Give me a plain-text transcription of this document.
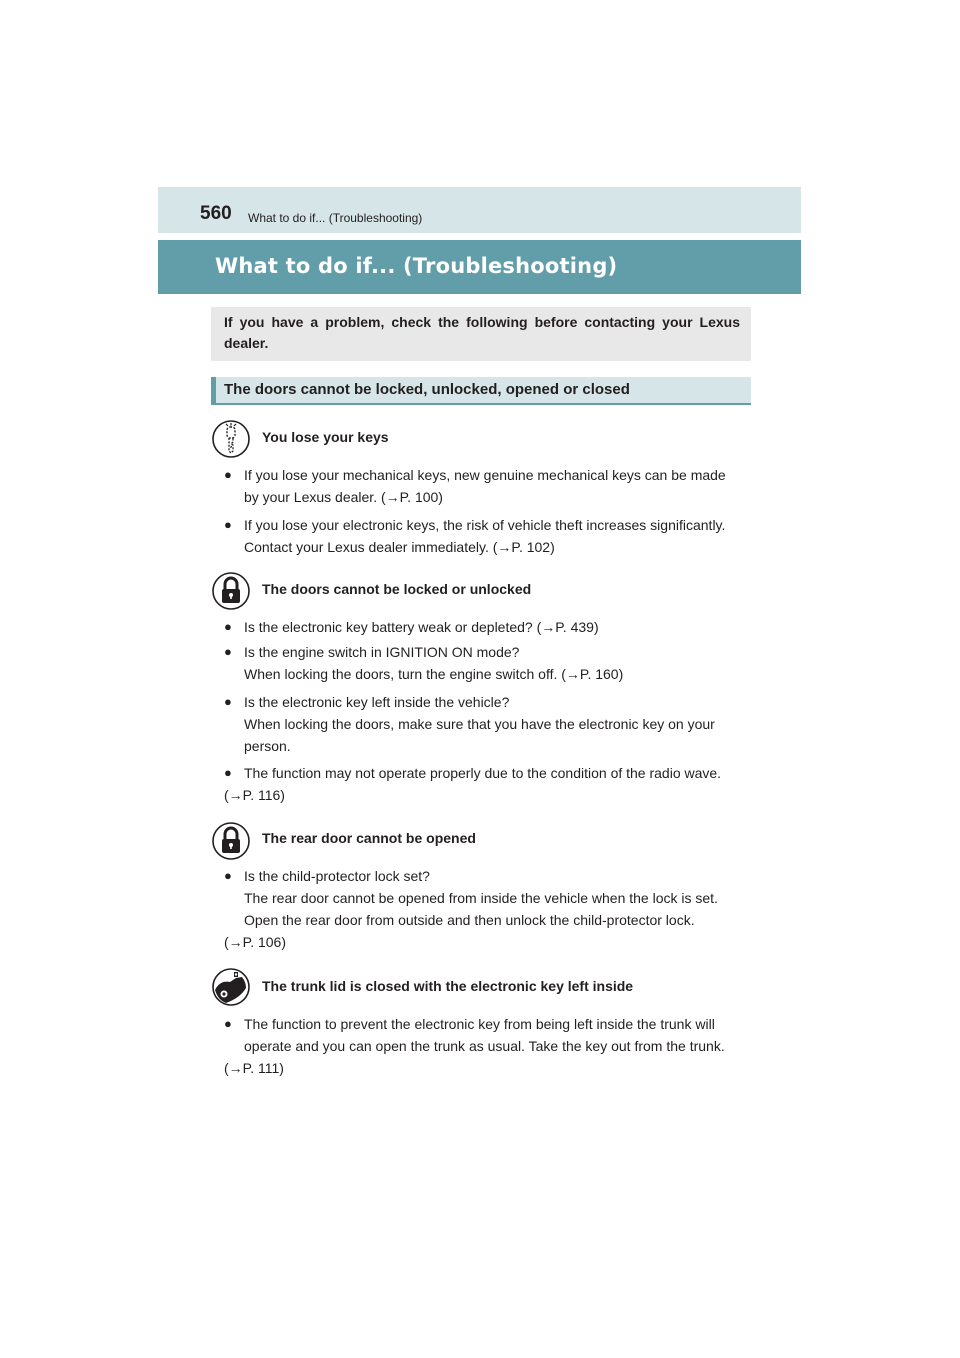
560 What to do if... (Troubleshooting)
What to do if... (Troubleshooting)
If you have a problem, check the following before contacting your Lexus dealer.
The doors cannot be locked, unlocked, opened or closed
You lose your keys
● If you lose your mechanical keys, new genuine mechanical keys can be made
by your Lexus dealer. (→P. 100)
● If you lose your electronic keys, the risk of vehicle theft increases significantly.
Contact your Lexus dealer immediately. (→P. 102)
The doors cannot be locked or unlocked
● Is the electronic key battery weak or depleted? (→P. 439)
● Is the engine switch in IGNITION ON mode?
When locking the doors, turn the engine switch off. (→P. 160)
● Is the electronic key left inside the vehicle?
When locking the doors, make sure that you have the electronic key on your
person.
● The function may not operate properly due to the condition of the radio wave.
(→P. 116)
The rear door cannot be opened
● Is the child-protector lock set?
The rear door cannot be opened from inside the vehicle when the lock is set.
Open the rear door from outside and then unlock the child-protector lock.
(→P. 106)
The trunk lid is closed with the electronic key left inside
● The function to prevent the electronic key from being left inside the trunk will
operate and you can open the trunk as usual. Take the key out from the trunk.
(→P. 111)
